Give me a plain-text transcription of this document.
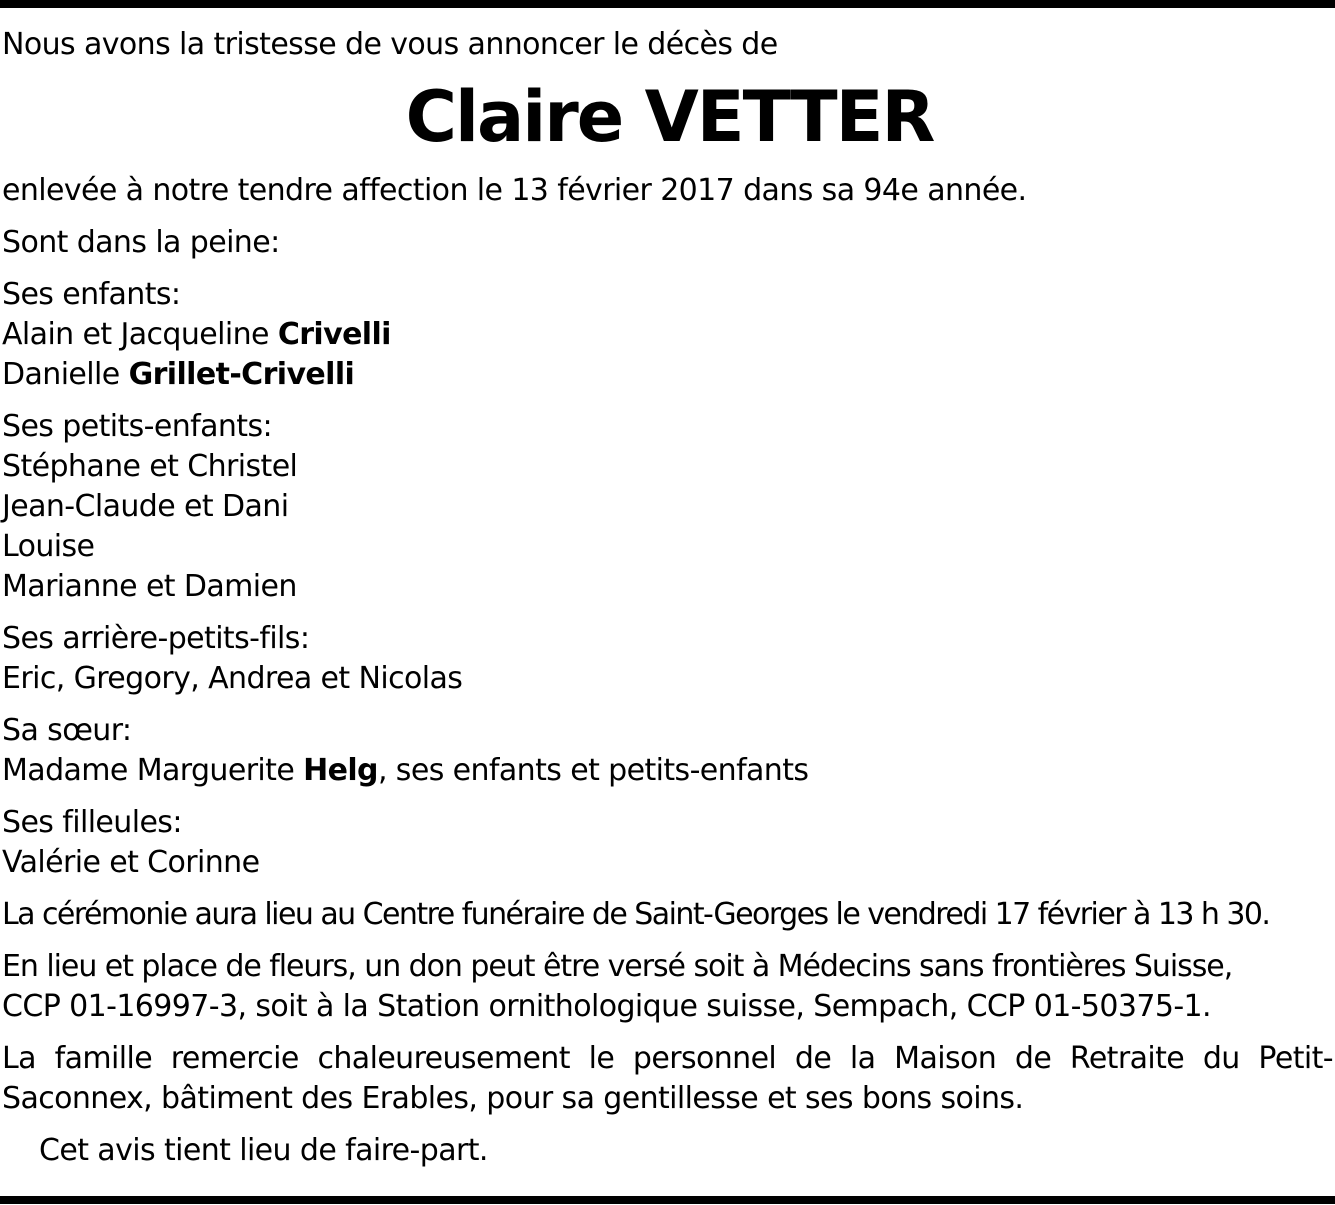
Nous avons la tristesse de vous annoncer le décès de
Claire VETTER
enlevée à notre tendre affection le 13 février 2017 dans sa 94e année.
Sont dans la peine:
Ses enfants:
Alain et Jacqueline Crivelli
Danielle Grillet-Crivelli
Ses petits-enfants:
Stéphane et Christel
Jean-Claude et Dani
Louise
Marianne et Damien
Ses arrière-petits-fils:
Eric, Gregory, Andrea et Nicolas
Sa sœur:
Madame Marguerite Helg, ses enfants et petits-enfants
Ses filleules:
Valérie et Corinne
La cérémonie aura lieu au Centre funéraire de Saint-Georges le vendredi 17 février à 13 h 30.
En lieu et place de fleurs, un don peut être versé soit à Médecins sans frontières Suisse,
CCP 01-16997-3, soit à la Station ornithologique suisse, Sempach, CCP 01-50375-1.
La famille remercie chaleureusement le personnel de la Maison de Retraite du Petit-Saconnex, bâtiment des Erables, pour sa gentillesse et ses bons soins.
Cet avis tient lieu de faire-part.
